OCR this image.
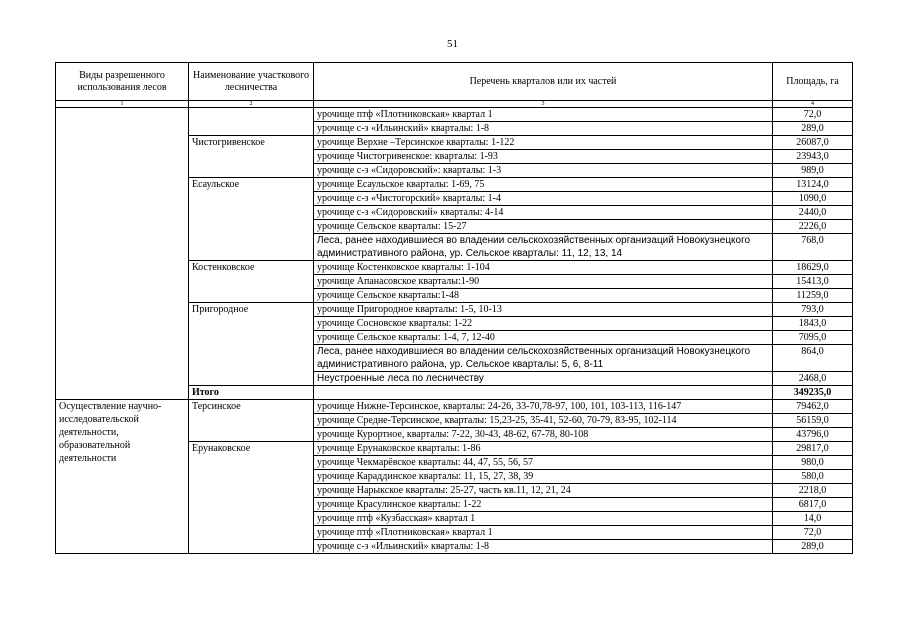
51
Виды разрешенного использования лесов	Наименование участкового лесничества	Перечень кварталов или их частей	Площадь, га
1	2	3	4
		урочище птф «Плотниковская» квартал 1	72,0
		урочище с-з «Ильинский» кварталы: 1-8	289,0
	Чистогривенское	урочище Верхне –Терсинское кварталы: 1-122	26087,0
		урочище Чистогривенское: кварталы: 1-93	23943,0
		урочище с-з «Сидоровский»: кварталы: 1-3	989,0
	Есаульское	урочище Есаульское кварталы: 1-69, 75	13124,0
		урочище с-з «Чистогорский» кварталы: 1-4	1090,0
		урочище с-з «Сидоровский» кварталы: 4-14	2440,0
		урочище Сельское кварталы: 15-27	2226,0
		Леса, ранее находившиеся во владении сельскохозяйственных организаций Новокузнецкого административного района, ур. Сельское кварталы: 11, 12, 13, 14	768,0
	Костенковское	урочище Костенковское кварталы: 1-104	18629,0
		урочище Апанасовское кварталы:1-90	15413,0
		урочище Сельское кварталы:1-48	11259,0
	Пригородное	урочище Пригородное кварталы: 1-5, 10-13	793,0
		урочище Сосновское кварталы: 1-22	1843,0
		урочище Сельское кварталы: 1-4, 7, 12-40	7095,0
		Леса, ранее находившиеся во владении сельскохозяйственных организаций Новокузнецкого административного района, ур. Сельское кварталы: 5, 6, 8-11	864,0
		Неустроенные леса по лесничеству	2468,0
	Итого		349235,0
Осуществление научно-исследовательской деятельности, образовательной деятельности	Терсинское	урочище Нижне-Терсинское, кварталы: 24-26, 33-70,78-97, 100, 101, 103-113, 116-147	79462,0
		урочище Средне-Терсинское, кварталы: 15,23-25, 35-41, 52-60, 70-79, 83-95, 102-114	56159,0
		урочище Курортное, кварталы: 7-22, 30-43, 48-62, 67-78, 80-108	43796,0
	Ерунаковское	урочище Ерунаковское кварталы: 1-86	29817,0
		урочище Чекмарёвское кварталы: 44, 47, 55, 56, 57	980,0
		урочище Караддинское кварталы: 11, 15, 27, 38, 39	580,0
		урочище Нарыкское кварталы: 25-27, часть кв.11, 12, 21, 24	2218,0
		урочище Красулинское кварталы: 1-22	6817,0
		урочище птф «Кузбасская» квартал 1	14,0
		урочище птф «Плотниковская» квартал 1	72,0
		урочище с-з «Ильинский» кварталы: 1-8	289,0
